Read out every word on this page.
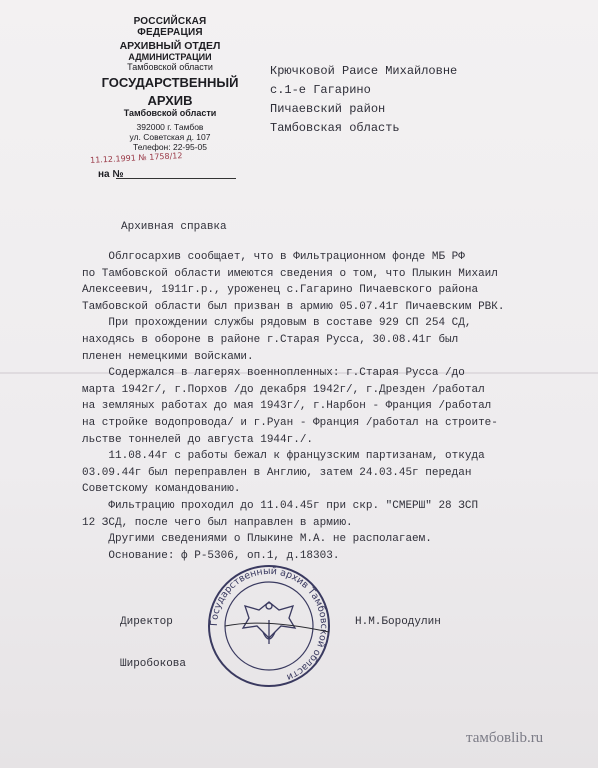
РОССИЙСКАЯ ФЕДЕРАЦИЯ
АРХИВНЫЙ ОТДЕЛ
АДМИНИСТРАЦИИ
Тамбовской области
ГОСУДАРСТВЕННЫЙ
АРХИВ
Тамбовской области
392000 г. Тамбов
ул. Советская д. 107
Телефон: 22-95-05
11.12.1991 № 1758/12
на №
Крючковой Раисе Михайловне
с.1-е Гагарино
Пичаевский район
Тамбовская область
Архивная справка
Облгосархив сообщает, что в Фильтрационном фонде МБ РФ
по Тамбовской области имеются сведения о том, что Плыкин Михаил
Алексеевич, 1911г.р., уроженец с.Гагарино Пичаевского района
Тамбовской области был призван в армию 05.07.41г Пичаевским РВК.
При прохождении службы рядовым в составе 929 СП 254 СД,
находясь в обороне в районе г.Старая Русса, 30.08.41г был
пленен немецкими войсками.
Содержался в лагерях военнопленных: г.Старая Русса /до
марта 1942г/, г.Порхов /до декабря 1942г/, г.Дрезден /работал
на земляных работах до мая 1943г/, г.Нарбон - Франция /работал
на стройке водопровода/ и г.Руан - Франция /работал на строите-
льстве тоннелей до августа 1944г./.
11.08.44г с работы бежал к французским партизанам, откуда
03.09.44г был переправлен в Англию, затем 24.03.45г передан
Советскому командованию.
Фильтрацию проходил до 11.04.45г при скр. "СМЕРШ" 28 ЗСП
12 ЗСД, после чего был направлен в армию.
Другими сведениями о Плыкине М.А. не располагаем.
Основание: ф Р-5306, оп.1, д.18303.
Директор	Н.М.Бородулин
Государственный архив Тамбовской области
Широбокова
тамбовlib.ru
